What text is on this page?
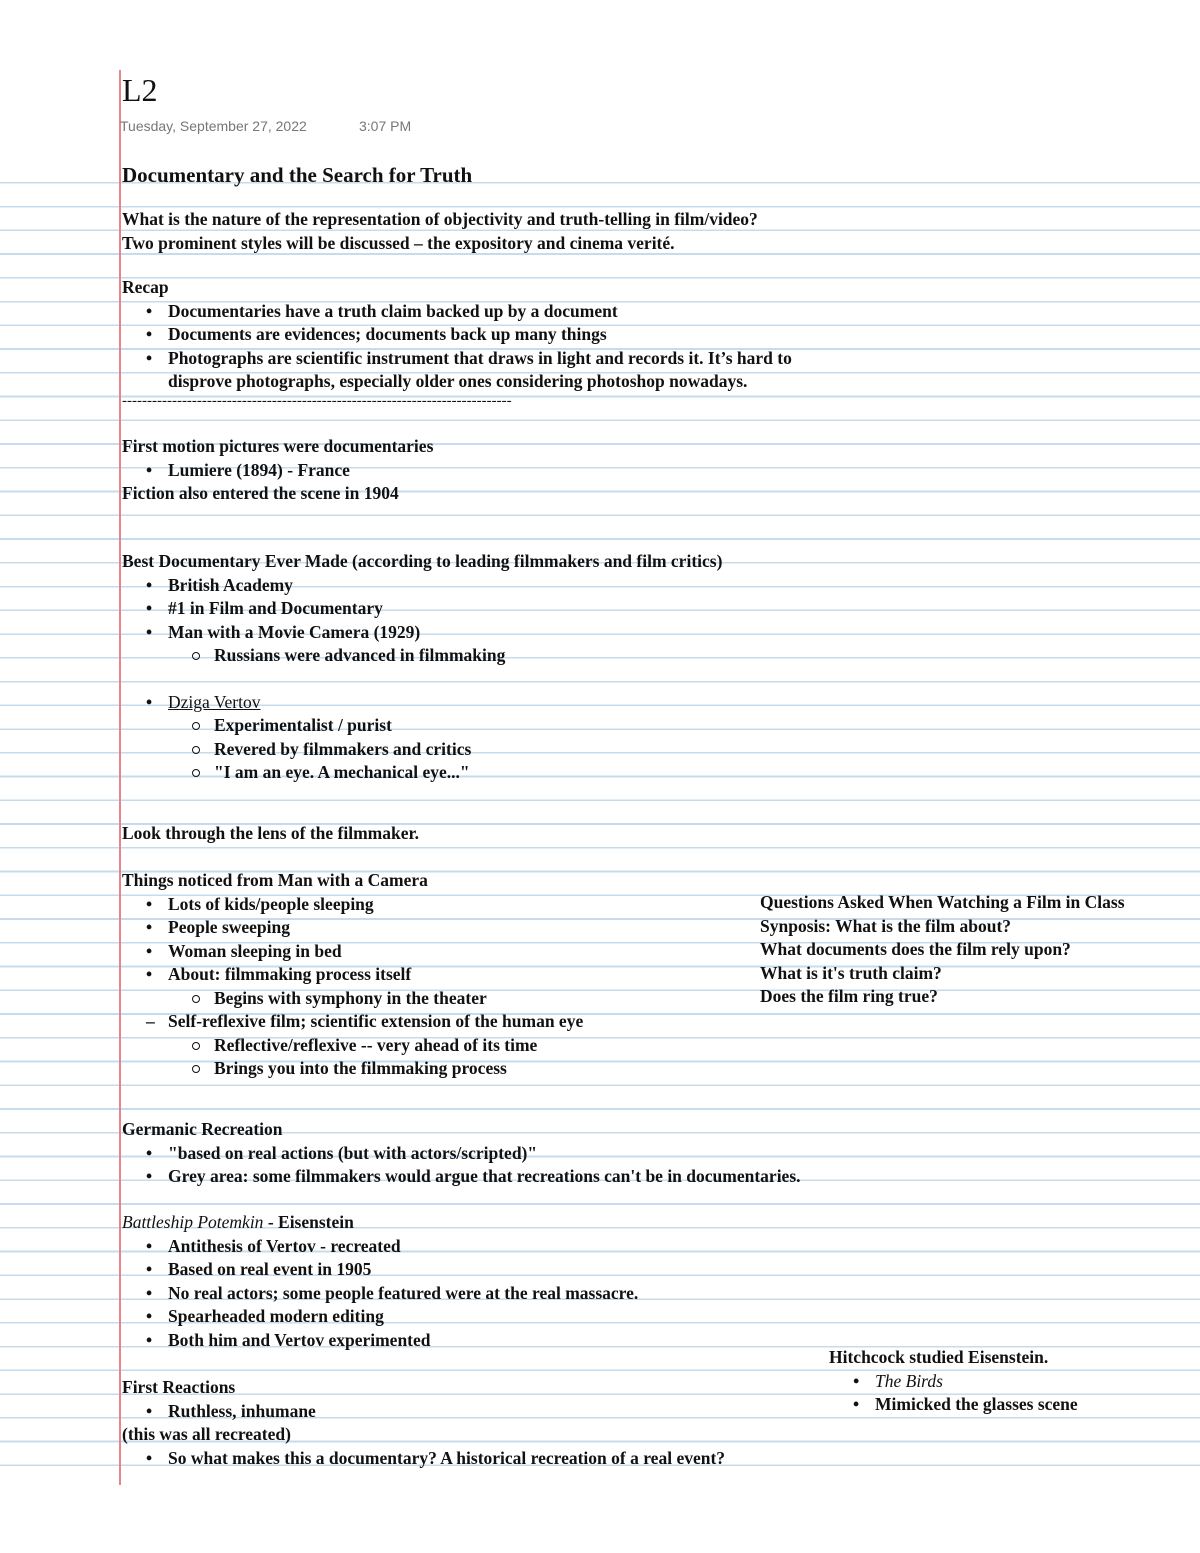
L2
Tuesday, September 27, 2022	3:07 PM
Documentary and the Search for Truth
What is the nature of the representation of objectivity and truth-telling in film/video?
Two prominent styles will be discussed – the expository and cinema verité.
Recap
• Documentaries have a truth claim backed up by a document
• Documents are evidences; documents back up many things
• Photographs are scientific instrument that draws in light and records it. It’s hard to
disprove photographs, especially older ones considering photoshop nowadays.
------------------------------------------------------------------------------
First motion pictures were documentaries
• Lumiere (1894) - France
Fiction also entered the scene in 1904
Best Documentary Ever Made (according to leading filmmakers and film critics)
• British Academy
• #1 in Film and Documentary
• Man with a Movie Camera (1929)
Russians were advanced in filmmaking
• Dziga Vertov
Experimentalist / purist
Revered by filmmakers and critics
"I am an eye. A mechanical eye..."
Look through the lens of the filmmaker.
Things noticed from Man with a Camera
• Lots of kids/people sleeping
• People sweeping
• Woman sleeping in bed
• About: filmmaking process itself
Begins with symphony in the theater
– Self-reflexive film; scientific extension of the human eye
Reflective/reflexive -- very ahead of its time
Brings you into the filmmaking process
Questions Asked When Watching a Film in Class
Synposis: What is the film about?
What documents does the film rely upon?
What is it's truth claim?
Does the film ring true?
Germanic Recreation
• "based on real actions (but with actors/scripted)"
• Grey area: some filmmakers would argue that recreations can't be in documentaries.
Battleship Potemkin - Eisenstein
• Antithesis of Vertov - recreated
• Based on real event in 1905
• No real actors; some people featured were at the real massacre.
• Spearheaded modern editing
• Both him and Vertov experimented
Hitchcock studied Eisenstein.
• The Birds
• Mimicked the glasses scene
First Reactions
• Ruthless, inhumane
(this was all recreated)
• So what makes this a documentary? A historical recreation of a real event?
